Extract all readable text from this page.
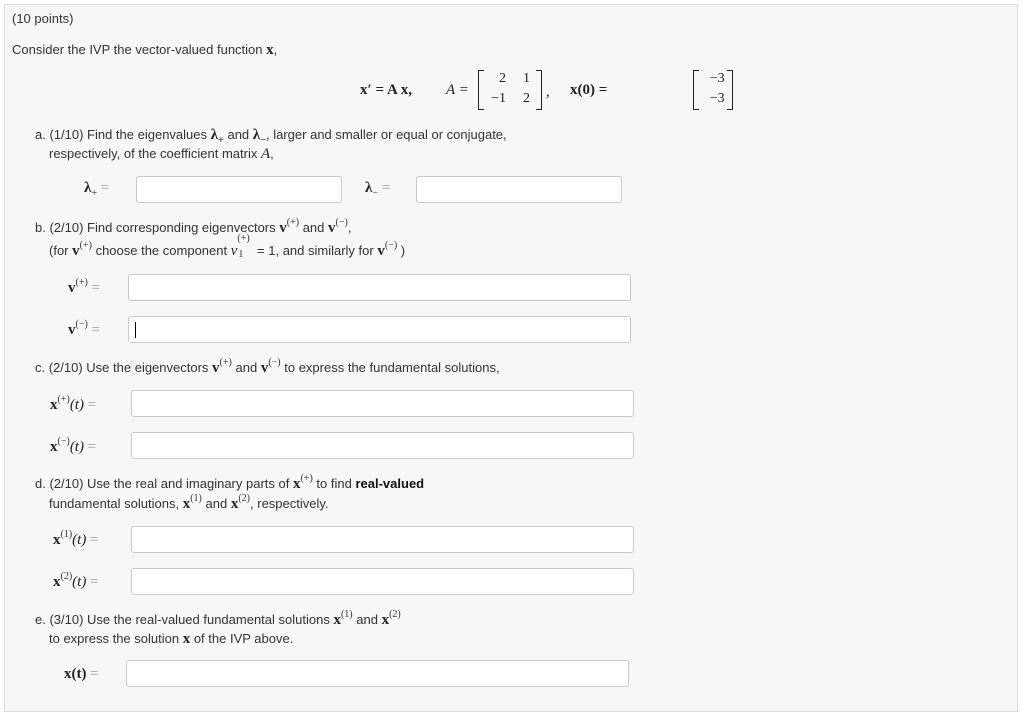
(10 points)
Consider the IVP the vector-valued function x,
x′ = A x, A =
2	1
−1	2
, x(0) =
−3
−3
a. (1/10) Find the eigenvalues $\lambda_+$ and $\lambda_-$, larger and smaller or equal or conjugate,
respectively, of the coefficient matrix A,
$\lambda_+$ =	$\lambda_-$ =
b. (2/10) Find corresponding eigenvectors v(+) and v(−),
(for v(+) choose the component v
(+)
1 = 1, and similarly for v(−) )
v(+) =
v(−) =
c. (2/10) Use the eigenvectors v(+) and v(−) to express the fundamental solutions,
x(+)(t) =
x(−)(t) =
d. (2/10) Use the real and imaginary parts of x(+) to find real-valued
fundamental solutions, $x^{(1)}$ and $x^{(2)}$, respectively.
$x^{(1)}(t)$ =
$x^{(2)}(t)$ =
e. (3/10) Use the real-valued fundamental solutions $x^{(1)}$ and $x^{(2)}$
to express the solution x of the IVP above.
x(t) =
